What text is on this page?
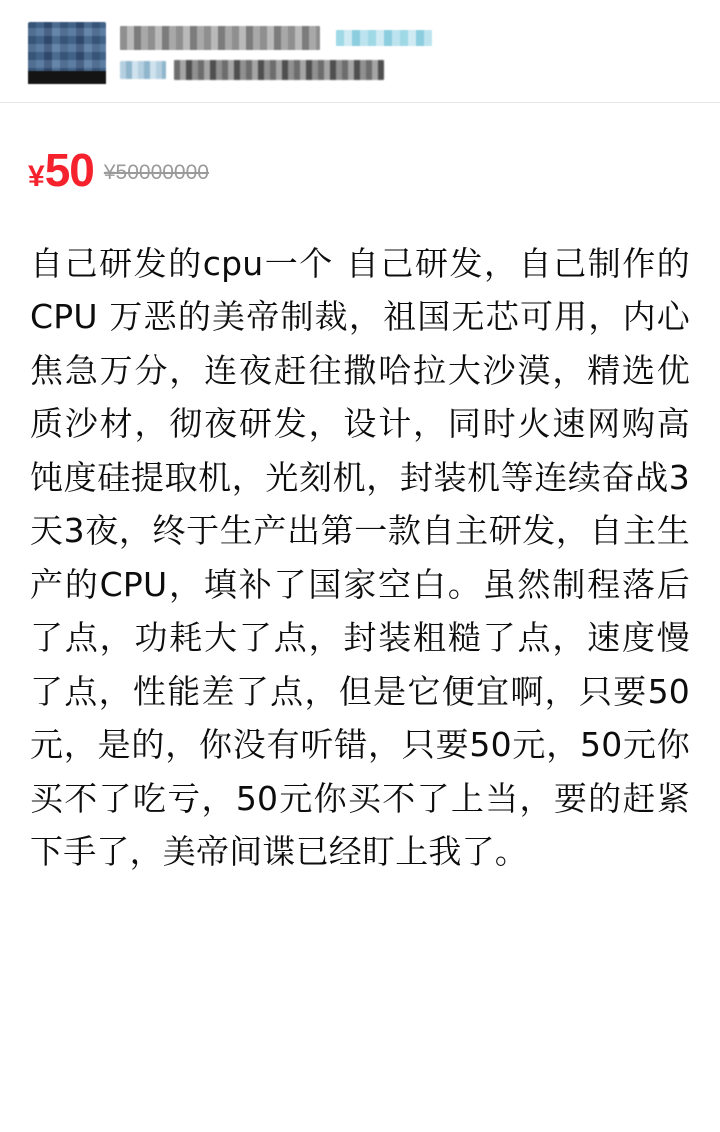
¥ 50 ¥50000000
自己研发的cpu一个 自己研发，自己制作的CPU 万恶的美帝制裁，祖国无芯可用，内心焦急万分，连夜赶往撒哈拉大沙漠，精选优质沙材，彻夜研发，设计，同时火速网购高饨度硅提取机，光刻机，封装机等连续奋战3天3夜，终于生产出第一款自主研发，自主生产的CPU，填补了国家空白。虽然制程落后了点，功耗大了点，封装粗糙了点，速度慢了点，性能差了点，但是它便宜啊，只要50元，是的，你没有听错，只要50元，50元你买不了吃亏，50元你买不了上当，要的赶紧下手了，美帝间谍已经盯上我了。
